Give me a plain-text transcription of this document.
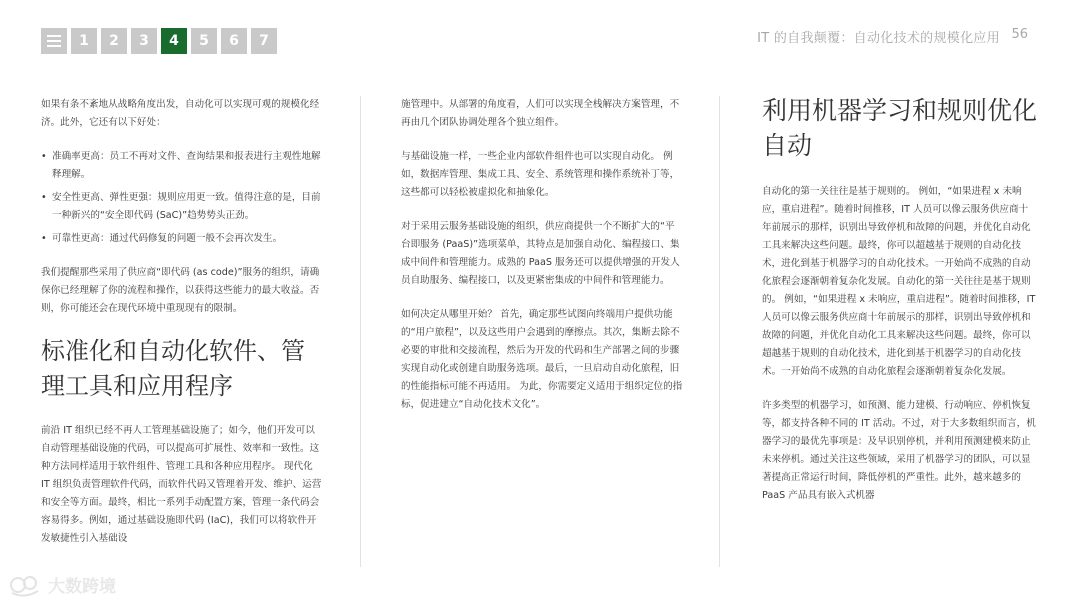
1	2	3	4	5	6	7	IT 的自我颠覆：自动化技术的规模化应用 56

如果有条不紊地从战略角度出发，自动化可以实现可观的规模化经济。此外，它还有以下好处：

• 准确率更高：员工不再对文件、查询结果和报表进行主观性地解释理解。
• 安全性更高、弹性更强：规则应用更一致。值得注意的是，目前一种新兴的“安全即代码 (SaC)”趋势势头正劲。
• 可靠性更高：通过代码修复的问题一般不会再次发生。

我们提醒那些采用了供应商“即代码 (as code)”服务的组织，请确保你已经理解了你的流程和操作，以获得这些能力的最大收益。否则，你可能还会在现代环境中重现现有的限制。

标准化和自动化软件、管理工具和应用程序

前沿 IT 组织已经不再人工管理基础设施了；如今，他们开发可以自动管理基础设施的代码，可以提高可扩展性、效率和一致性。这种方法同样适用于软件组件、管理工具和各种应用程序。 现代化 IT 组织负责管理软件代码，而软件代码又管理着开发、维护、运营和安全等方面。最终，相比一系列手动配置方案，管理一条代码会容易得多。例如，通过基础设施即代码 (IaC)，我们可以将软件开发敏捷性引入基础设

施管理中。从部署的角度看，人们可以实现全栈解决方案管理，不再由几个团队协调处理各个独立组件。

与基础设施一样，一些企业内部软件组件也可以实现自动化。 例如，数据库管理、集成工具、安全、系统管理和操作系统补丁等，这些都可以轻松被虚拟化和抽象化。

对于采用云服务基础设施的组织，供应商提供一个不断扩大的“平台即服务 (PaaS)”选项菜单，其特点是加强自动化、编程接口、集成中间件和管理能力。成熟的 PaaS 服务还可以提供增强的开发人员自助服务、编程接口，以及更紧密集成的中间件和管理能力。

如何决定从哪里开始？ 首先，确定那些试图向终端用户提供功能的“用户旅程”，以及这些用户会遇到的摩擦点。其次，集断去除不必要的审批和交接流程，然后为开发的代码和生产部署之间的步骤实现自动化或创建自助服务选项。最后，一旦启动自动化旅程，旧的性能指标可能不再适用。 为此，你需要定义适用于组织定位的指标，促进建立“自动化技术文化”。

利用机器学习和规则优化自动

自动化的第一关往往是基于规则的。 例如，“如果进程 x 未响应，重启进程”。随着时间推移，IT 人员可以像云服务供应商十年前展示的那样，识别出导致停机和故障的问题，并优化自动化工具来解决这些问题。最终，你可以超越基于规则的自动化技术，进化到基于机器学习的自动化技术。一开始尚不成熟的自动化旅程会逐渐朝着复杂化发展。自动化的第一关往往是基于规则的。 例如，“如果进程 x 未响应，重启进程”。随着时间推移，IT 人员可以像云服务供应商十年前展示的那样，识别出导致停机和故障的问题，并优化自动化工具来解决这些问题。最终，你可以超越基于规则的自动化技术，进化到基于机器学习的自动化技术。一开始尚不成熟的自动化旅程会逐渐朝着复杂化发展。

许多类型的机器学习，如预测、能力建模、行动响应、停机恢复等，都支持各种不同的 IT 活动。不过，对于大多数组织而言，机器学习的最优先事项是：及早识别停机，并利用预测建模来防止未来停机。通过关注这些领域，采用了机器学习的团队，可以显著提高正常运行时间，降低停机的严重性。此外，越来越多的 PaaS 产品具有嵌入式机器

大数跨境
